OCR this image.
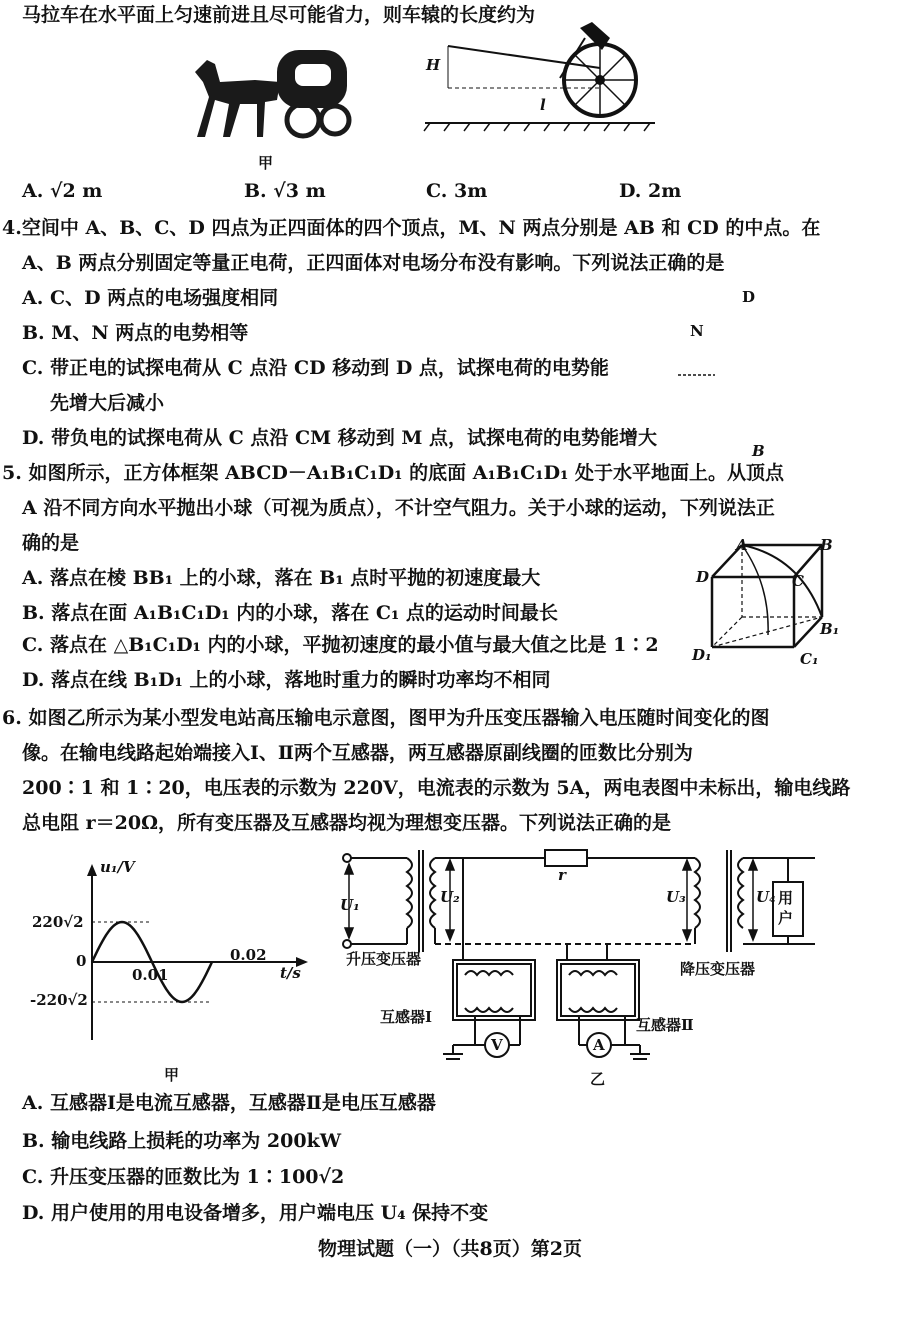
马拉车在水平面上匀速前进且尽可能省力，则车辕的长度约为
甲
H
l
A. √2 m	B. √3 m	C. 3m	D. 2m
4.空间中 A、B、C、D 四点为正四面体的四个顶点，M、N 两点分别是 AB 和 CD 的中点。在
A、B 两点分别固定等量正电荷，正四面体对电场分布没有影响。下列说法正确的是
A. C、D 两点的电场强度相同
B. M、N 两点的电势相等
C. 带正电的试探电荷从 C 点沿 CD 移动到 D 点，试探电荷的电势能
先增大后减小
D. 带负电的试探电荷从 C 点沿 CM 移动到 M 点，试探电荷的电势能增大
D
N
B
5. 如图所示，正方体框架 ABCD－A₁B₁C₁D₁ 的底面 A₁B₁C₁D₁ 处于水平地面上。从顶点
A 沿不同方向水平抛出小球（可视为质点），不计空气阻力。关于小球的运动，下列说法正
确的是
A. 落点在棱 BB₁ 上的小球，落在 B₁ 点时平抛的初速度最大
B. 落点在面 A₁B₁C₁D₁ 内的小球，落在 C₁ 点的运动时间最长
C. 落点在 △B₁C₁D₁ 内的小球，平抛初速度的最小值与最大值之比是 1∶2
D. 落点在线 B₁D₁ 上的小球，落地时重力的瞬时功率均不相同
A	B
C
D
B₁
C₁
D₁
6. 如图乙所示为某小型发电站高压输电示意图，图甲为升压变压器输入电压随时间变化的图
像。在输电线路起始端接入Ⅰ、Ⅱ两个互感器，两互感器原副线圈的匝数比分别为
200∶1 和 1∶20，电压表的示数为 220V，电流表的示数为 5A，两电表图中未标出，输电线路
总电阻 r＝20Ω，所有变压器及互感器均视为理想变压器。下列说法正确的是
u₁/V
t/s
220√2
-220√2
0
0.01
0.02
甲
U₁	U₂	U₃	U₄
r
用户
升压变压器
降压变压器
互感器Ⅰ	互感器Ⅱ
V	A
乙
A. 互感器Ⅰ是电流互感器，互感器Ⅱ是电压互感器
B. 输电线路上损耗的功率为 200kW
C. 升压变压器的匝数比为 1∶100√2
D. 用户使用的用电设备增多，用户端电压 U₄ 保持不变
物理试题（一）（共8页）第2页
